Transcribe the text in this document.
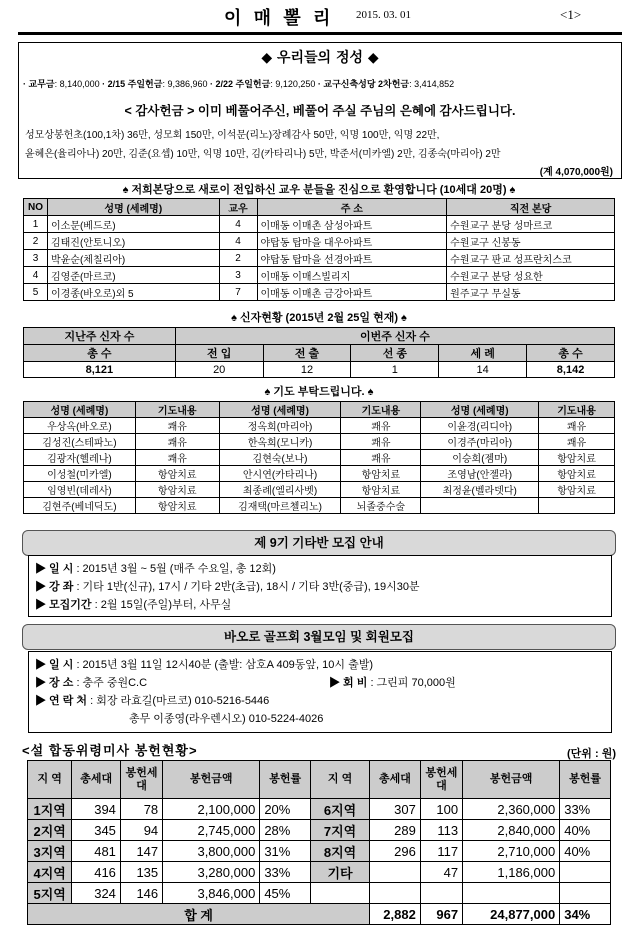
이 매 뽈 리 2015. 03. 01	<1>
◆ 우리들의 정성 ◆
· 교무금: 8,140,000 · 2/15 주일헌금: 9,386,960 · 2/22 주일헌금: 9,120,250 · 교구신축성당 2차헌금: 3,414,852
< 감사헌금 > 이미 베풀어주신, 베풀어 주실 주님의 은혜에 감사드립니다.
성모상봉헌초(100,1차) 36만, 성모회 150만, 이석문(리노)장례감사 50만, 익명 100만, 익명 22만,
윤혜은(율리아나) 20만, 김준(요셉) 10만, 익명 10만, 김(카타리나) 5만, 박준서(미카엘) 2만, 김종숙(마리아) 2만
(계 4,070,000원)
♠ 저희본당으로 새로이 전입하신 교우 분들을 진심으로 환영합니다 (10세대 20명) ♠
NO	성명 (세례명)	교우	주 소	직전 본당
1	이소문(베드로)	4	이매동 이매촌 삼성아파트	수원교구 분당 성마르코
2	김태진(안토니오)	4	야탑동 탑마을 대우아파트	수원교구 신봉동
3	박윤순(체칠리아)	2	야탑동 탑마을 선경아파트	수원교구 판교 성프란치스코
4	김영준(마르코)	3	이매동 이매스빌리지	수원교구 분당 성요한
5	이경종(바오로)외 5	7	이매동 이매촌 금강아파트	원주교구 무실동
♠ 신자현황 (2015년 2월 25일 현재) ♠
지난주 신자 수	이번주 신자 수				
총 수	전 입	전 출	선 종	세 례	총 수
8,121	20	12	1	14	8,142
♠ 기도 부탁드립니다. ♠
성명 (세례명)	기도내용	성명 (세례명)	기도내용	성명 (세례명)	기도내용
우상옥(바오로)	쾌유	정옥희(마리아)	쾌유	이윤경(리디아)	쾌유
김성진(스테파노)	쾌유	한옥희(모니카)	쾌유	이경주(마리아)	쾌유
김광자(헬레나)	쾌유	김현숙(보나)	쾌유	이승희(젬마)	항암치료
이성철(미카엘)	항암치료	안시연(카타리나)	항암치료	조영남(안젤라)	항암치료
임영빈(데레사)	항암치료	최종례(엘리사벳)	항암치료	최정윤(벨라뎃다)	항암치료
김현주(베네딕도)	항암치료	김재택(마르첼리노)	뇌졸중수술		
제 9기 기타반 모집 안내
▶ 일 시 : 2015년 3월 ~ 5월 (매주 수요일, 총 12회)
▶ 강 좌 : 기타 1반(신규), 17시 / 기타 2반(초급), 18시 / 기타 3반(중급), 19시30분
▶ 모집기간 : 2월 15일(주일)부터, 사무실
바오로 골프회 3월모임 및 회원모집
▶ 일 시 : 2015년 3월 11일 12시40분 (출발: 삼호A 409동앞, 10시 출발)
▶ 장 소 : 충주 중원C.C	▶ 회 비 : 그린피 70,000원
▶ 연 락 처 : 회장 라효길(마르코) 010-5216-5446
총무 이종영(라우렌시오) 010-5224-4026
<설 합동위령미사 봉헌현황>	(단위 : 원)
지 역	총세대	봉헌세대	봉헌금액	봉헌률	지 역	총세대	봉헌세대	봉헌금액	봉헌률
1지역	394	78	2,100,000	20%	6지역	307	100	2,360,000	33%
2지역	345	94	2,745,000	28%	7지역	289	113	2,840,000	40%
3지역	481	147	3,800,000	31%	8지역	296	117	2,710,000	40%
4지역	416	135	3,280,000	33%	기타		47	1,186,000	
5지역	324	146	3,846,000	45%					
합 계						2,882	967	24,877,000	34%
